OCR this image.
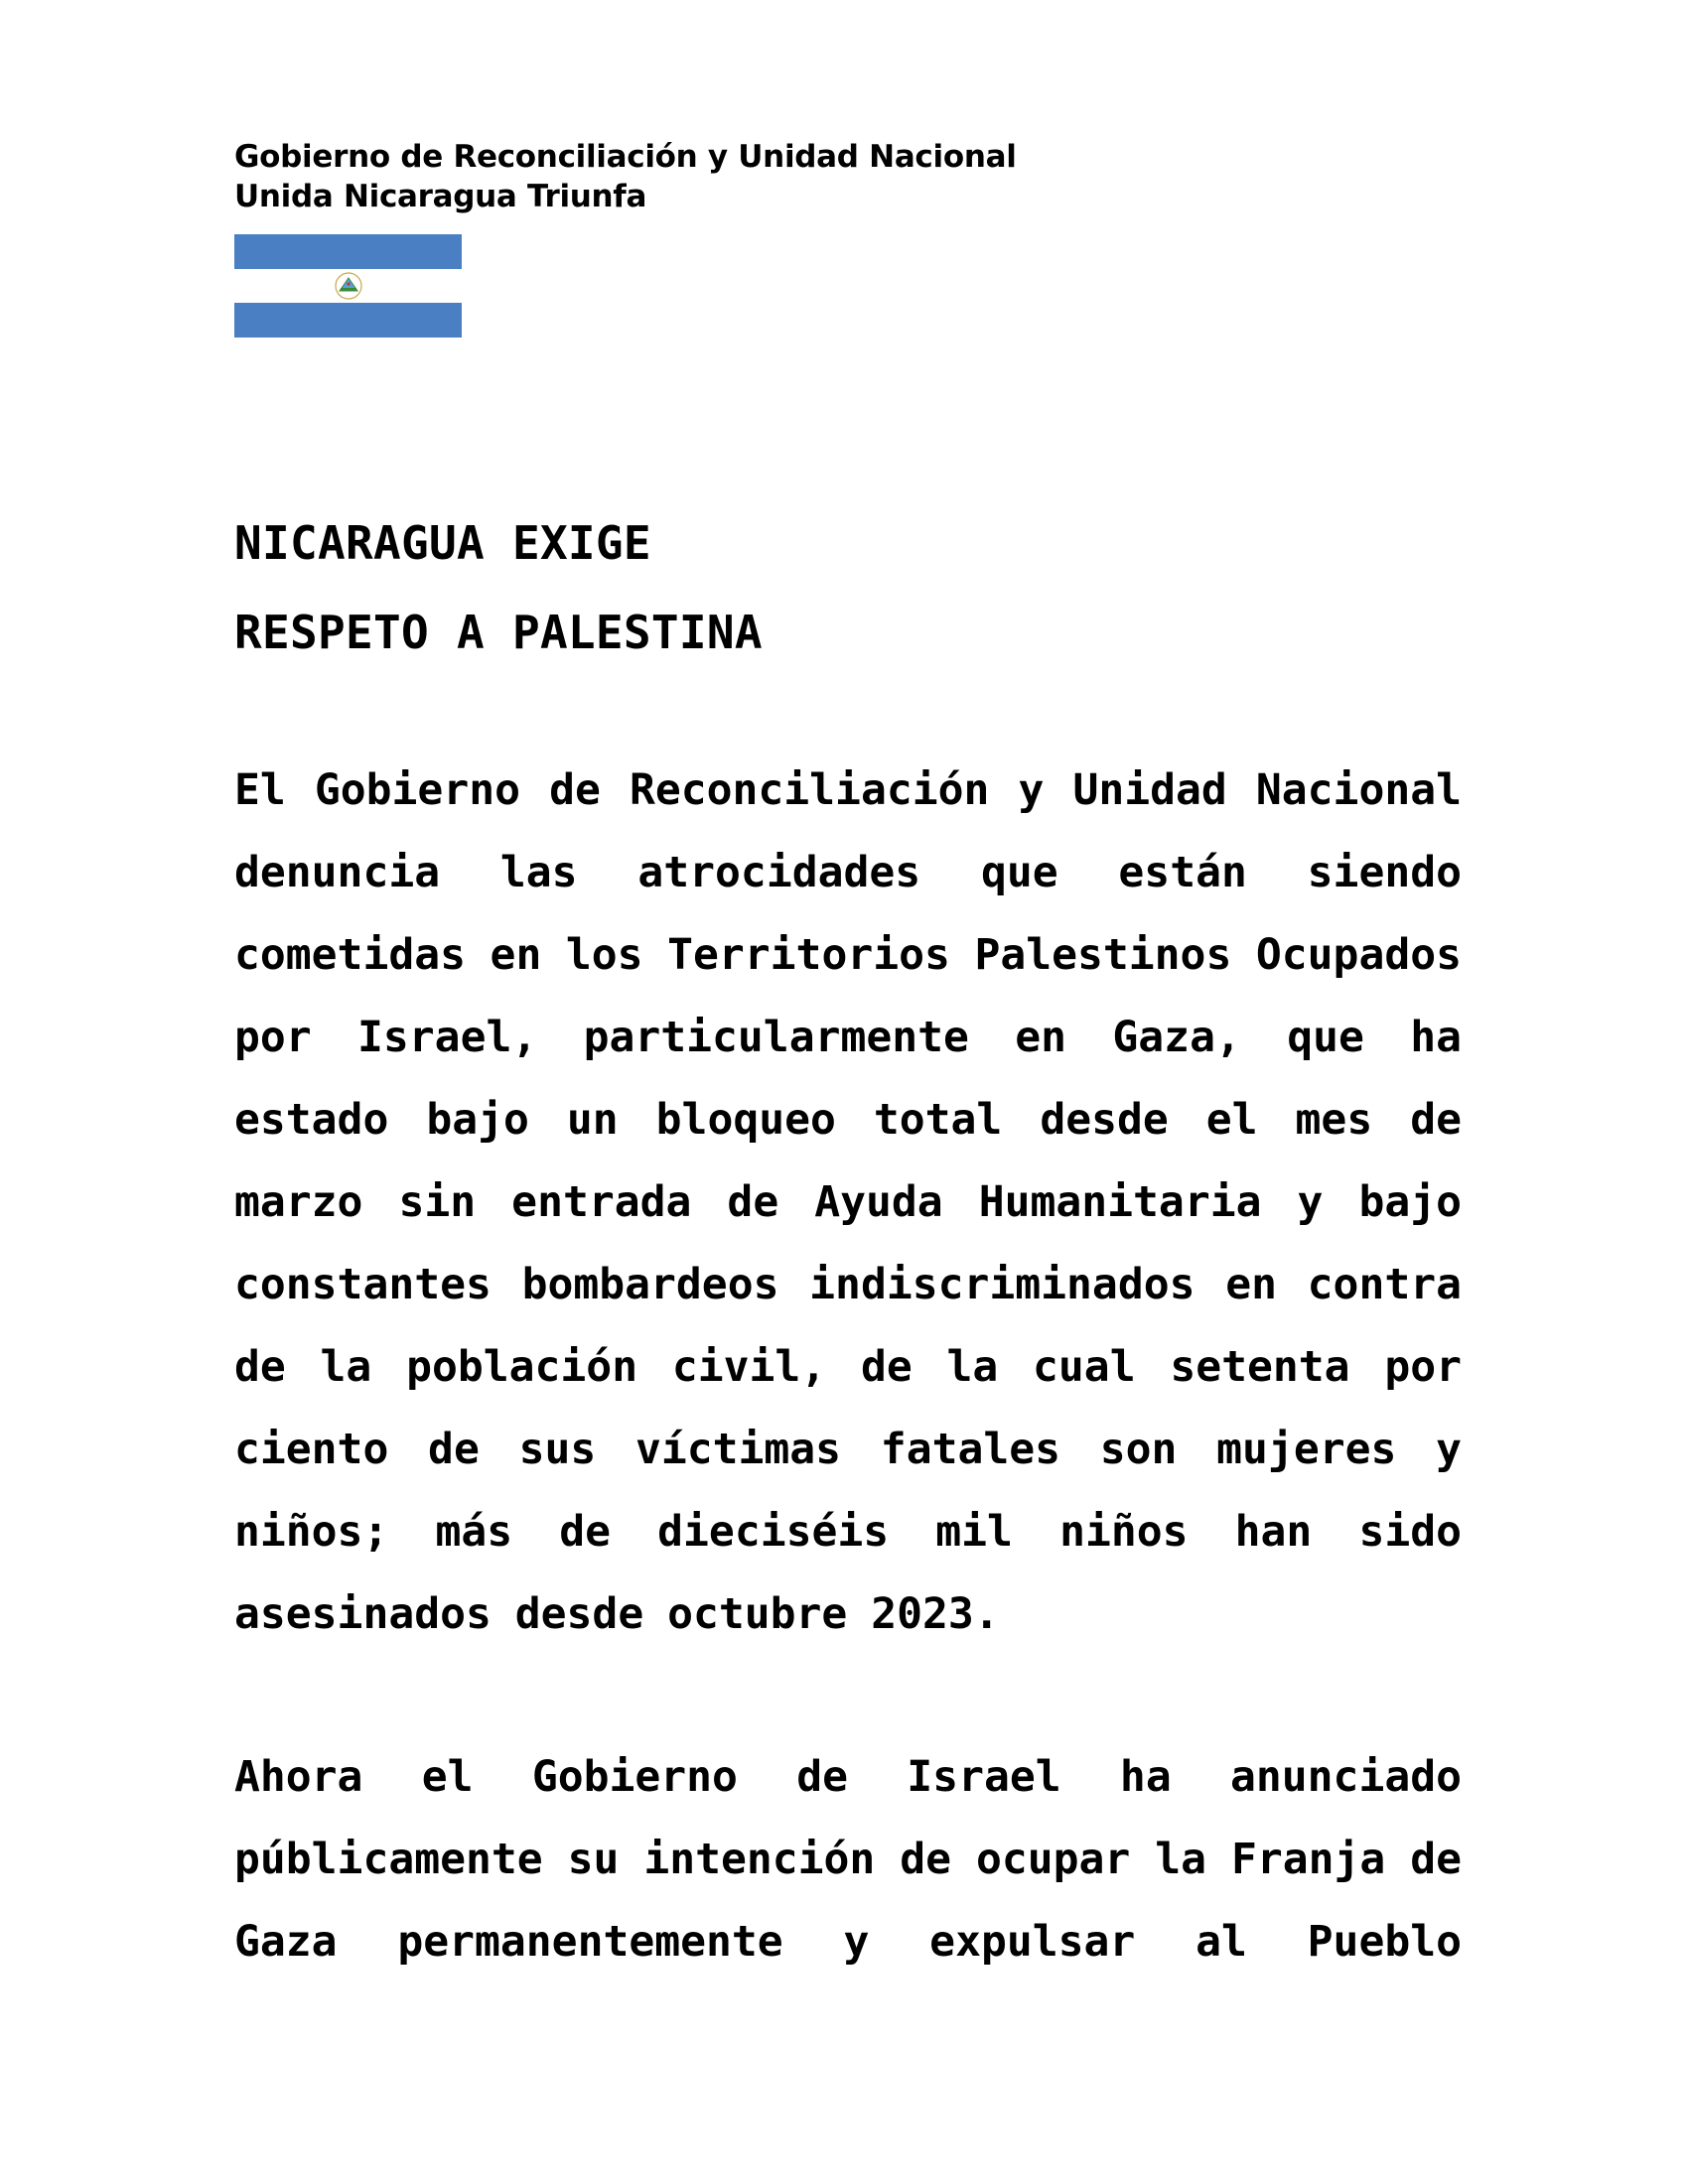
Gobierno de Reconciliación y Unidad Nacional
Unida Nicaragua Triunfa
NICARAGUA EXIGE
RESPETO A PALESTINA
El Gobierno de Reconciliación y Unidad Nacional denuncia las atrocidades que están siendo cometidas en los Territorios Palestinos Ocupados por Israel, particularmente en Gaza, que ha estado bajo un bloqueo total desde el mes de marzo sin entrada de Ayuda Humanitaria y bajo constantes bombardeos indiscriminados en contra de la población civil, de la cual setenta por ciento de sus víctimas fatales son mujeres y niños; más de dieciséis mil niños han sido asesinados desde octubre 2023.
Ahora el Gobierno de Israel ha anunciado públicamente su intención de ocupar la Franja de Gaza permanentemente y expulsar al Pueblo
